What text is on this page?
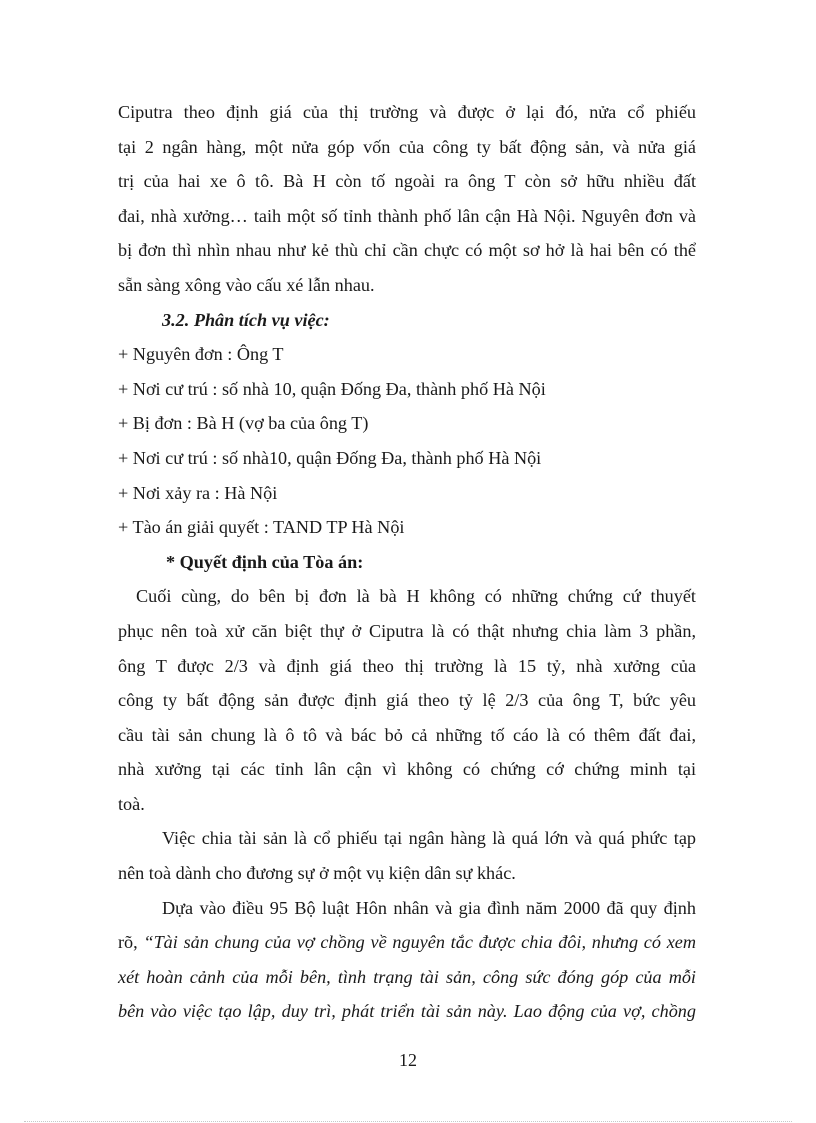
Ciputra theo định giá của thị trường và được ở lại đó, nửa cổ phiếu
tại 2 ngân hàng, một nửa góp vốn của công ty bất động sản, và nửa giá
trị của hai xe ô tô. Bà H còn tố ngoài ra ông T còn sở hữu nhiều đất
đai, nhà xưởng… taih một số tỉnh thành phố lân cận Hà Nội. Nguyên đơn và
bị đơn thì nhìn nhau như kẻ thù chỉ cần chực có một sơ hở là hai bên có thể
sẵn sàng xông vào cấu xé lẫn nhau.
3.2. Phân tích vụ việc:
+ Nguyên đơn : Ông T
+ Nơi cư trú : số nhà 10, quận Đống Đa, thành phố Hà Nội
+ Bị đơn : Bà H (vợ ba của ông T)
+ Nơi cư trú : số nhà10, quận Đống Đa, thành phố Hà Nội
+ Nơi xảy ra : Hà Nội
+ Tào án giải quyết : TAND TP Hà Nội
* Quyết định của Tòa án:
Cuối cùng, do bên bị đơn là bà H không có những chứng cứ thuyết
phục nên toà xử căn biệt thự ở Ciputra là có thật nhưng chia làm 3 phần,
ông T được 2/3 và định giá theo thị trường là 15 tỷ, nhà xưởng của
công ty bất động sản được định giá theo tỷ lệ 2/3 của ông T, bức yêu
cầu tài sản chung là ô tô và bác bỏ cả những tố cáo là có thêm đất đai,
nhà xưởng tại các tỉnh lân cận vì không có chứng cớ chứng minh tại
toà.
Việc chia tài sản là cổ phiếu tại ngân hàng là quá lớn và quá phức tạp
nên toà dành cho đương sự ở một vụ kiện dân sự khác.
Dựa vào điều 95 Bộ luật Hôn nhân và gia đình năm 2000 đã quy định
rõ, “Tài sản chung của vợ chồng về nguyên tắc được chia đôi, nhưng có xem
xét hoàn cảnh của mỗi bên, tình trạng tài sản, công sức đóng góp của mỗi
bên vào việc tạo lập, duy trì, phát triển tài sản này. Lao động của vợ, chồng
12
